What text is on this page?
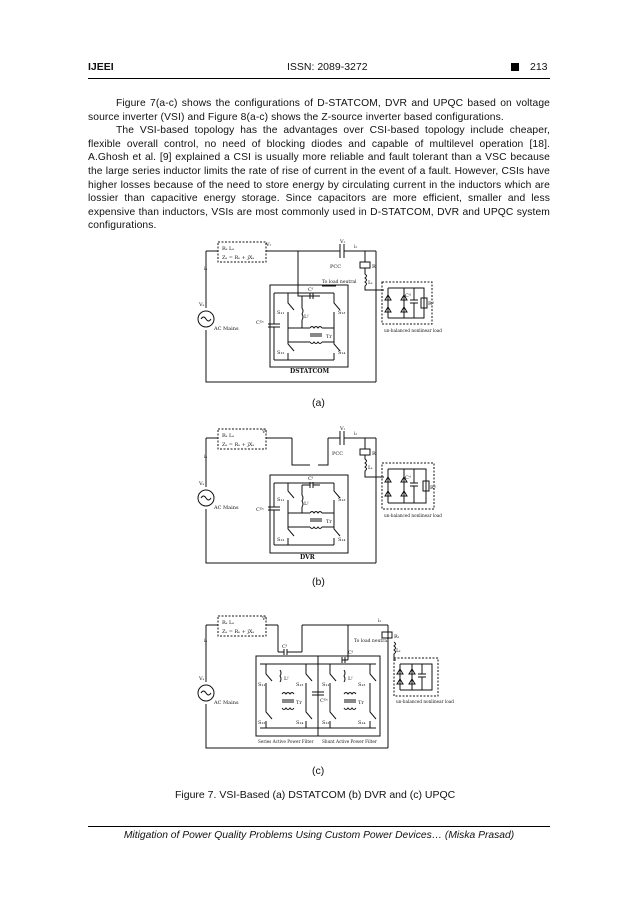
IJEEI	ISSN: 2089-3272	213

Figure 7(a-c) shows the configurations of D-STATCOM, DVR and UPQC based on voltage source inverter (VSI) and Figure 8(a-c) shows the Z-source inverter based configurations.

The VSI-based topology has the advantages over CSI-based topology include cheaper, flexible overall control, no need of blocking diodes and capable of multilevel operation [18]. A.Ghosh et al. [9] explained a CSI is usually more reliable and fault tolerant than a VSC because the large series inductor limits the rate of rise of current in the event of a fault. However, CSIs have higher losses because of the need to store energy by circulating current in the inductors which are lossier than capacitive energy storage. Since capacitors are more efficient, smaller and less expensive than inductors, VSIs are most commonly used in D-STATCOM, DVR and UPQC system configurations.

Rₛ Lₛ
Zₛ = Rₛ + jXₛ
Vₜ	Vₗ
iₗ
PCC
iₛ
Vₛ
AC Mains
To load neutral
DSTATCOM
Cᴰᶜ
S₁₁
S₁₂
S₁₃
S₁₄
Cᶠ
Lᶠ
Tr
Rₗ
Lₗ
Cᵈ
Rᵈ
un-balanced nonlinear load
(a)
Rₛ Lₛ
Zₛ = Rₛ + jXₛ
Vₜ	Vₗ
iₗ
PCC
iₛ
Vₛ
AC Mains
DVR
Cᴰᶜ
S₁₁
S₁₂
S₁₃
S₁₄
Cᶠ
Lᶠ
Tr
Rₗ
Lₗ
Cᵈ
Rᵈ
un-balanced nonlinear load
(b)
Rₛ Lₛ
Zₛ = Rₛ + jXₛ
Vₜ	iₗ
iₛ
Vₛ
AC Mains
To load neutral
Cᴰᶜ
S₁₁
S₁₂
S₁₃
S₁₄
S₁₁
S₁₂
S₁₃
S₁₄
Cᶠ
Cᶠ
Lᶠ	Lᶠ
Tr	Tr
Series Active Power Filter Shunt Active Power Filter
Rₗ
Lₗ
un-balanced nonlinear load
(c)
Figure 7. VSI-Based (a) DSTATCOM (b) DVR and (c) UPQC
Mitigation of Power Quality Problems Using Custom Power Devices… (Miska Prasad)
